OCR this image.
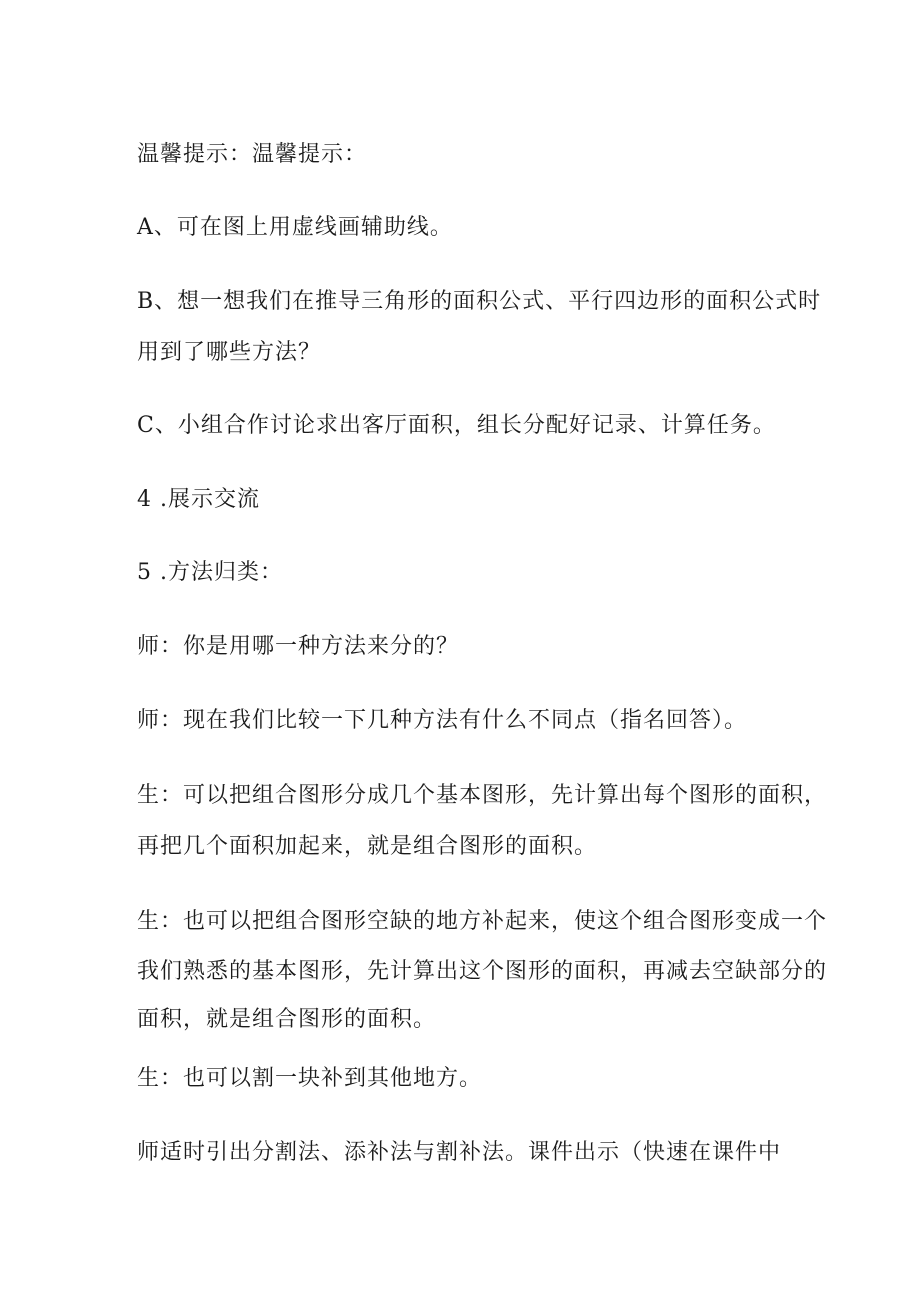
温馨提示：温馨提示：
A、可在图上用虚线画辅助线。
B、想一想我们在推导三角形的面积公式、平行四边形的面积公式时
用到了哪些方法？
C、小组合作讨论求出客厅面积，组长分配好记录、计算任务。
4 .展示交流
5 .方法归类：
师：你是用哪一种方法来分的？
师：现在我们比较一下几种方法有什么不同点（指名回答）。
生：可以把组合图形分成几个基本图形，先计算出每个图形的面积，
再把几个面积加起来，就是组合图形的面积。
生：也可以把组合图形空缺的地方补起来，使这个组合图形变成一个
我们熟悉的基本图形，先计算出这个图形的面积，再减去空缺部分的
面积，就是组合图形的面积。
生：也可以割一块补到其他地方。
师适时引出分割法、添补法与割补法。课件出示（快速在课件中
